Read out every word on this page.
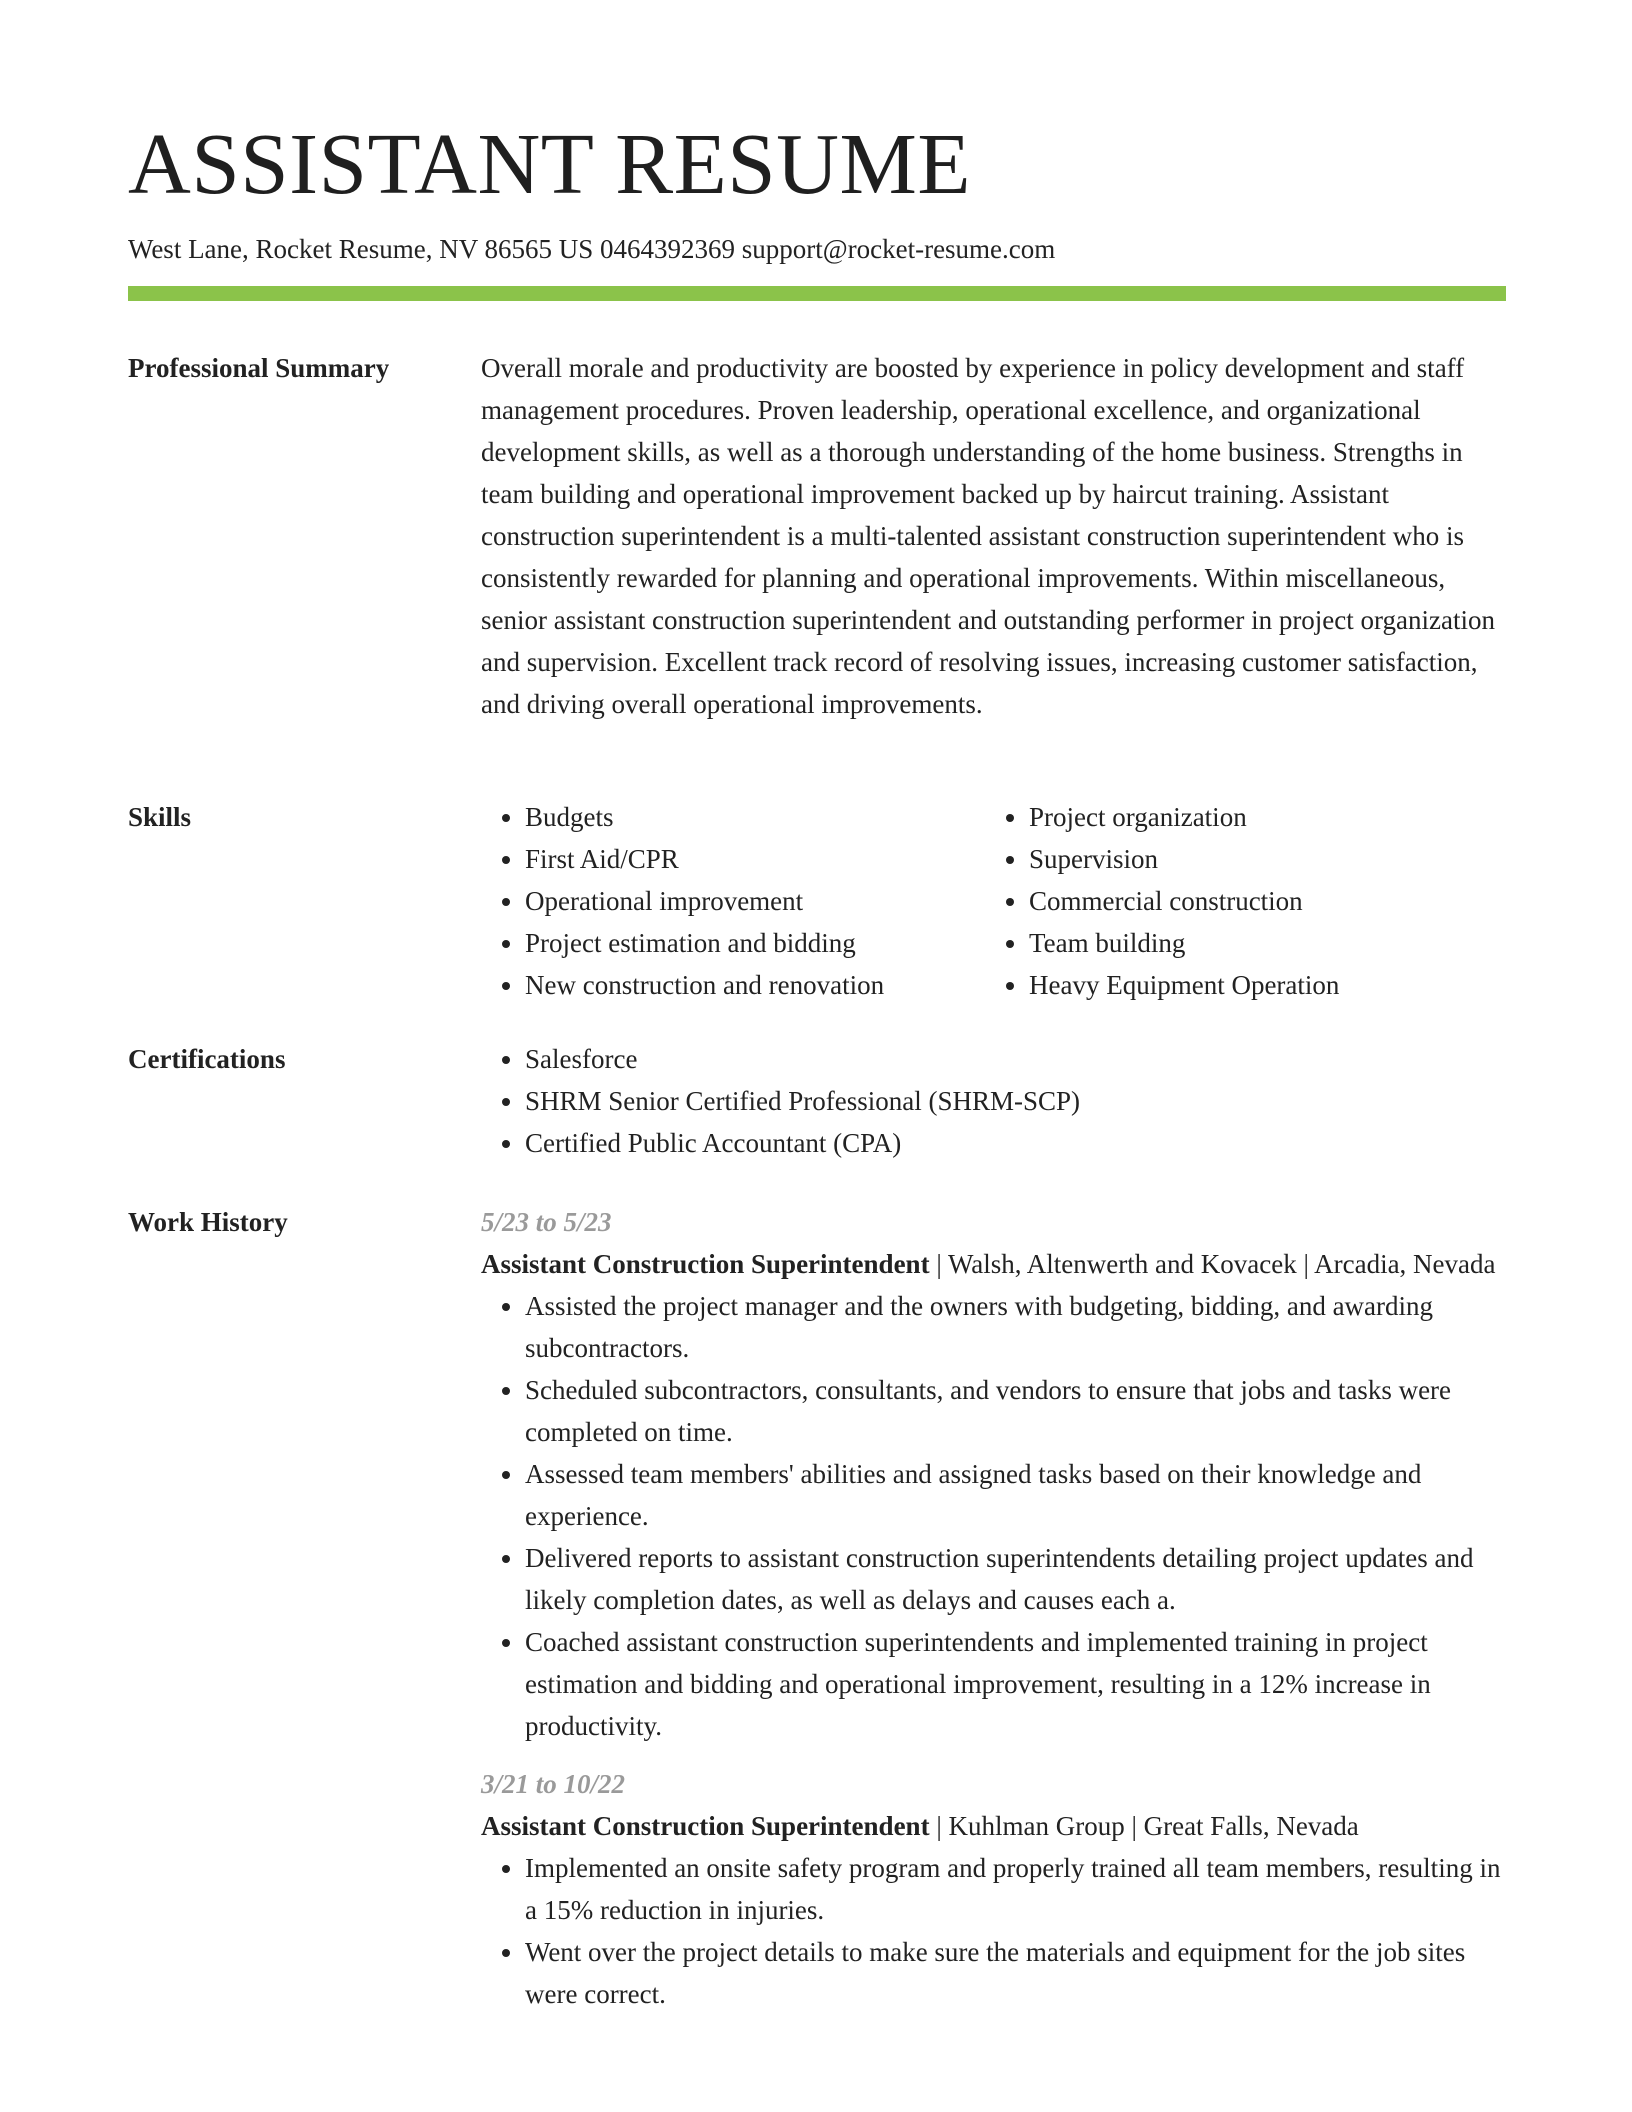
ASSISTANT RESUME
West Lane, Rocket Resume, NV 86565 US 0464392369 support@rocket-resume.com
Professional Summary	Overall morale and productivity are boosted by experience in policy development and staff management procedures. Proven leadership, operational excellence, and organizational development skills, as well as a thorough understanding of the home business. Strengths in team building and operational improvement backed up by haircut training. Assistant construction superintendent is a multi-talented assistant construction superintendent who is consistently rewarded for planning and operational improvements. Within miscellaneous, senior assistant construction superintendent and outstanding performer in project organization and supervision. Excellent track record of resolving issues, increasing customer satisfaction, and driving overall operational improvements.

Skills	• Budgets
• First Aid/CPR
• Operational improvement
• Project estimation and bidding
• New construction and renovation
• Project organization
• Supervision
• Commercial construction
• Team building
• Heavy Equipment Operation
Certifications	• Salesforce
• SHRM Senior Certified Professional (SHRM-SCP)
• Certified Public Accountant (CPA)
Work History	5/23 to 5/23
Assistant Construction Superintendent | Walsh, Altenwerth and Kovacek | Arcadia, Nevada
• Assisted the project manager and the owners with budgeting, bidding, and awarding subcontractors.
• Scheduled subcontractors, consultants, and vendors to ensure that jobs and tasks were completed on time.
• Assessed team members' abilities and assigned tasks based on their knowledge and experience.
• Delivered reports to assistant construction superintendents detailing project updates and likely completion dates, as well as delays and causes each a.
• Coached assistant construction superintendents and implemented training in project estimation and bidding and operational improvement, resulting in a 12% increase in productivity.
3/21 to 10/22
Assistant Construction Superintendent | Kuhlman Group | Great Falls, Nevada
• Implemented an onsite safety program and properly trained all team members, resulting in a 15% reduction in injuries.
• Went over the project details to make sure the materials and equipment for the job sites were correct.
